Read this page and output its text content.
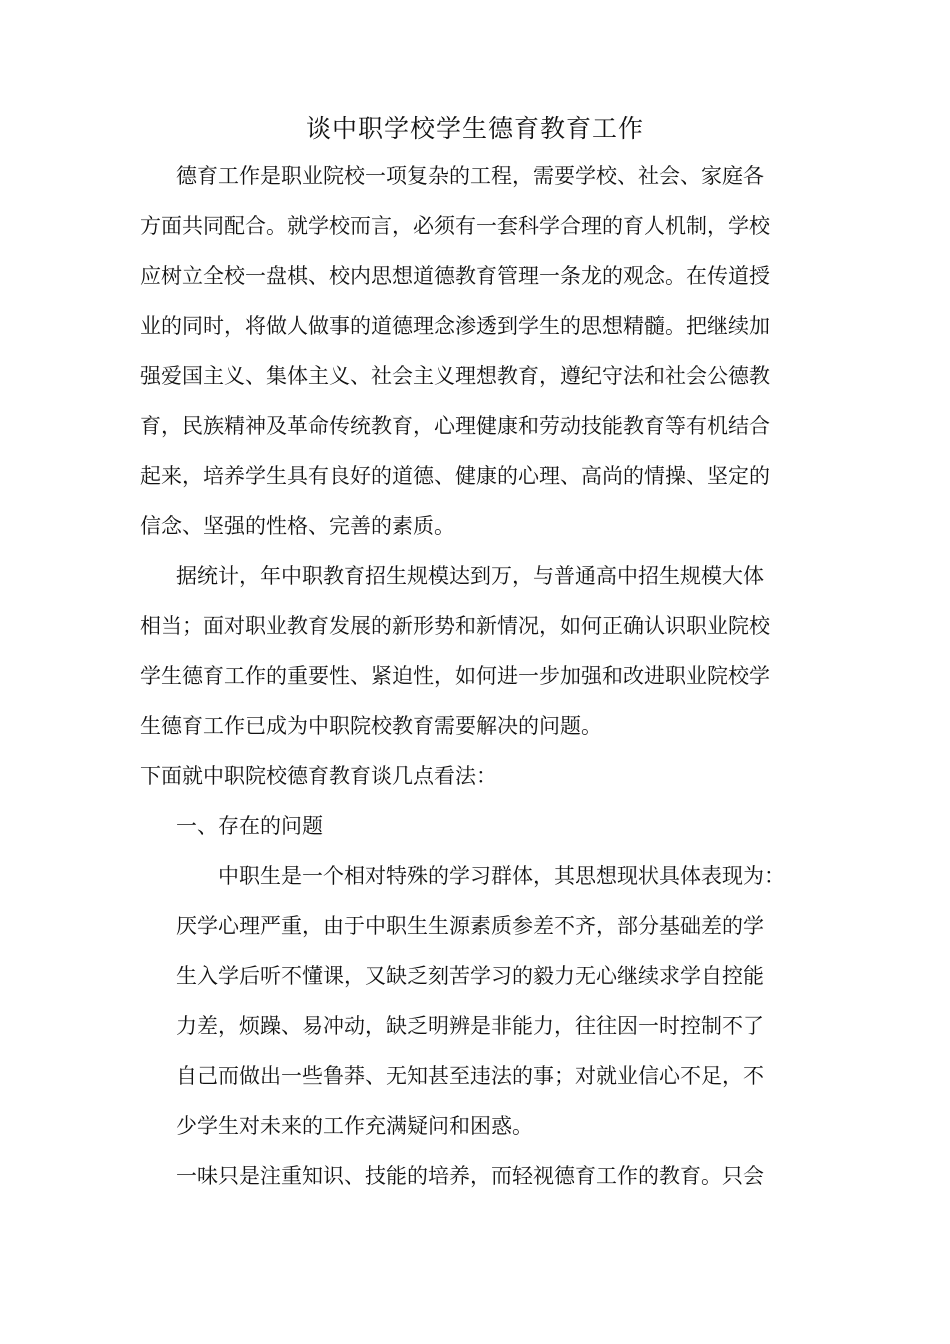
谈中职学校学生德育教育工作

德育工作是职业院校一项复杂的工程，需要学校、社会、家庭各

方面共同配合。就学校而言，必须有一套科学合理的育人机制，学校

应树立全校一盘棋、校内思想道德教育管理一条龙的观念。在传道授

业的同时，将做人做事的道德理念渗透到学生的思想精髓。把继续加

强爱国主义、集体主义、社会主义理想教育，遵纪守法和社会公德教

育，民族精神及革命传统教育，心理健康和劳动技能教育等有机结合

起来，培养学生具有良好的道德、健康的心理、高尚的情操、坚定的

信念、坚强的性格、完善的素质。

据统计，年中职教育招生规模达到万，与普通高中招生规模大体

相当；面对职业教育发展的新形势和新情况，如何正确认识职业院校

学生德育工作的重要性、紧迫性，如何进一步加强和改进职业院校学

生德育工作已成为中职院校教育需要解决的问题。

下面就中职院校德育教育谈几点看法：

一、存在的问题

中职生是一个相对特殊的学习群体，其思想现状具体表现为：

厌学心理严重，由于中职生生源素质参差不齐，部分基础差的学

生入学后听不懂课，又缺乏刻苦学习的毅力无心继续求学自控能

力差，烦躁、易冲动，缺乏明辨是非能力，往往因一时控制不了

自己而做出一些鲁莽、无知甚至违法的事；对就业信心不足，不

少学生对未来的工作充满疑问和困惑。

一味只是注重知识、技能的培养，而轻视德育工作的教育。只会
